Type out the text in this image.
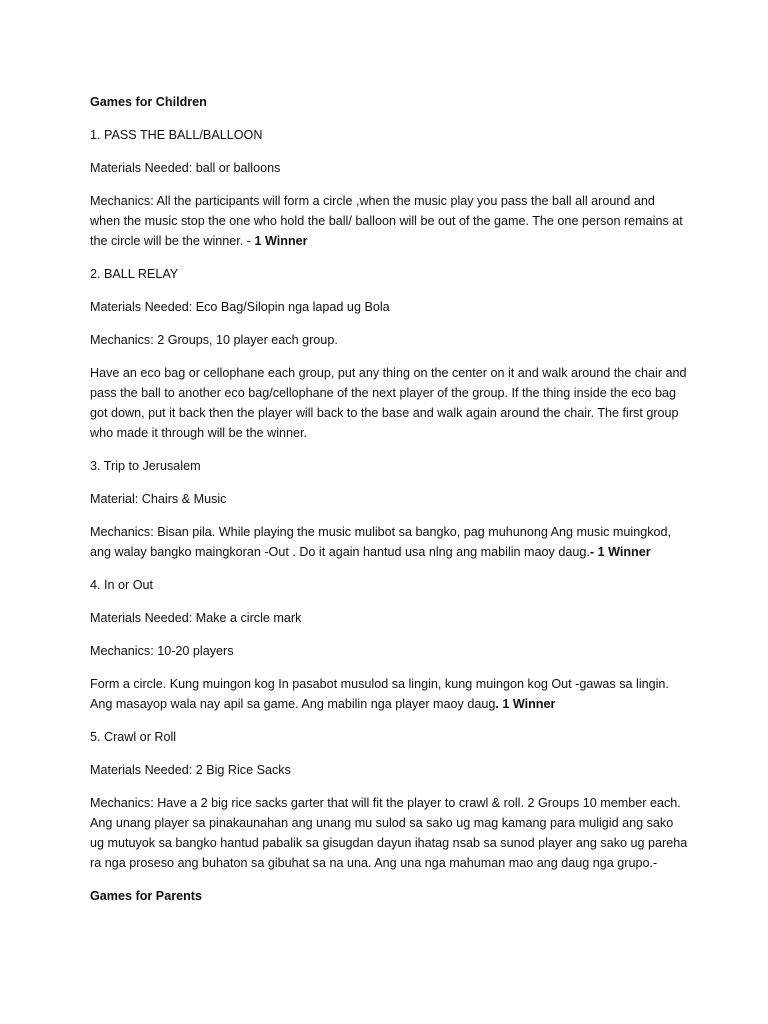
Games for Children

1. PASS THE BALL/BALLOON

Materials Needed: ball or balloons

Mechanics: All the participants will form a circle ,when the music play you pass the ball all around and when the music stop the one who hold the ball/ balloon will be out of the game. The one person remains at the circle will be the winner. - 1 Winner

2. BALL RELAY

Materials Needed: Eco Bag/Silopin nga lapad ug Bola

Mechanics: 2 Groups, 10 player each group.

Have an eco bag or cellophane each group, put any thing on the center on it and walk around the chair and pass the ball to another eco bag/cellophane of the next player of the group. If the thing inside the eco bag got down, put it back then the player will back to the base and walk again around the chair. The first group who made it through will be the winner.

3. Trip to Jerusalem

Material: Chairs & Music

Mechanics: Bisan pila. While playing the music mulibot sa bangko, pag muhunong Ang music muingkod, ang walay bangko maingkoran -Out . Do it again hantud usa nlng ang mabilin maoy daug.- 1 Winner

4. In or Out

Materials Needed: Make a circle mark

Mechanics: 10-20 players

Form a circle. Kung muingon kog In pasabot musulod sa lingin, kung muingon kog Out -gawas sa lingin. Ang masayop wala nay apil sa game. Ang mabilin nga player maoy daug. 1 Winner

5. Crawl or Roll

Materials Needed: 2 Big Rice Sacks

Mechanics: Have a 2 big rice sacks garter that will fit the player to crawl & roll. 2 Groups 10 member each. Ang unang player sa pinakaunahan ang unang mu sulod sa sako ug mag kamang para muligid ang sako ug mutuyok sa bangko hantud pabalik sa gisugdan dayun ihatag nsab sa sunod player ang sako ug pareha ra nga proseso ang buhaton sa gibuhat sa na una. Ang una nga mahuman mao ang daug nga grupo.-

Games for Parents
